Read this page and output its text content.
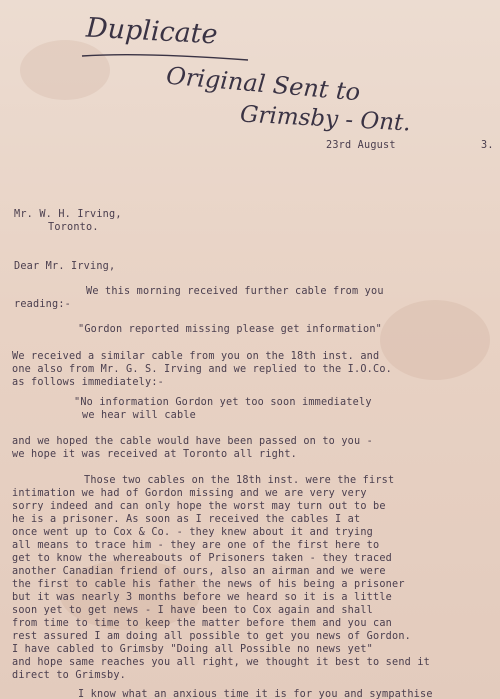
Duplicate
Original Sent to
Grimsby - Ont.
23rd August	3.
Mr. W. H. Irving,
Toronto.
Dear Mr. Irving,
We this morning received further cable from you
reading:-
"Gordon reported missing please get information"
We received a similar cable from you on the 18th inst. and
one also from Mr. G. S. Irving and we replied to the I.O.Co.
as follows immediately:-
"No information Gordon yet too soon immediately
we hear will cable
and we hoped the cable would have been passed on to you -
we hope it was received at Toronto all right.
Those two cables on the 18th inst. were the first
intimation we had of Gordon missing and we are very very
sorry indeed and can only hope the worst may turn out to be
he is a prisoner. As soon as I received the cables I at
once went up to Cox & Co. - they knew about it and trying
all means to trace him - they are one of the first here to
get to know the whereabouts of Prisoners taken - they traced
another Canadian friend of ours, also an airman and we were
the first to cable his father the news of his being a prisoner
but it was nearly 3 months before we heard so it is a little
soon yet to get news - I have been to Cox again and shall
from time to time to keep the matter before them and you can
rest assured I am doing all possible to get you news of Gordon.
I have cabled to Grimsby "Doing all Possible no news yet"
and hope same reaches you all right, we thought it best to send it
direct to Grimsby.
I know what an anxious time it is for you and sympathise
